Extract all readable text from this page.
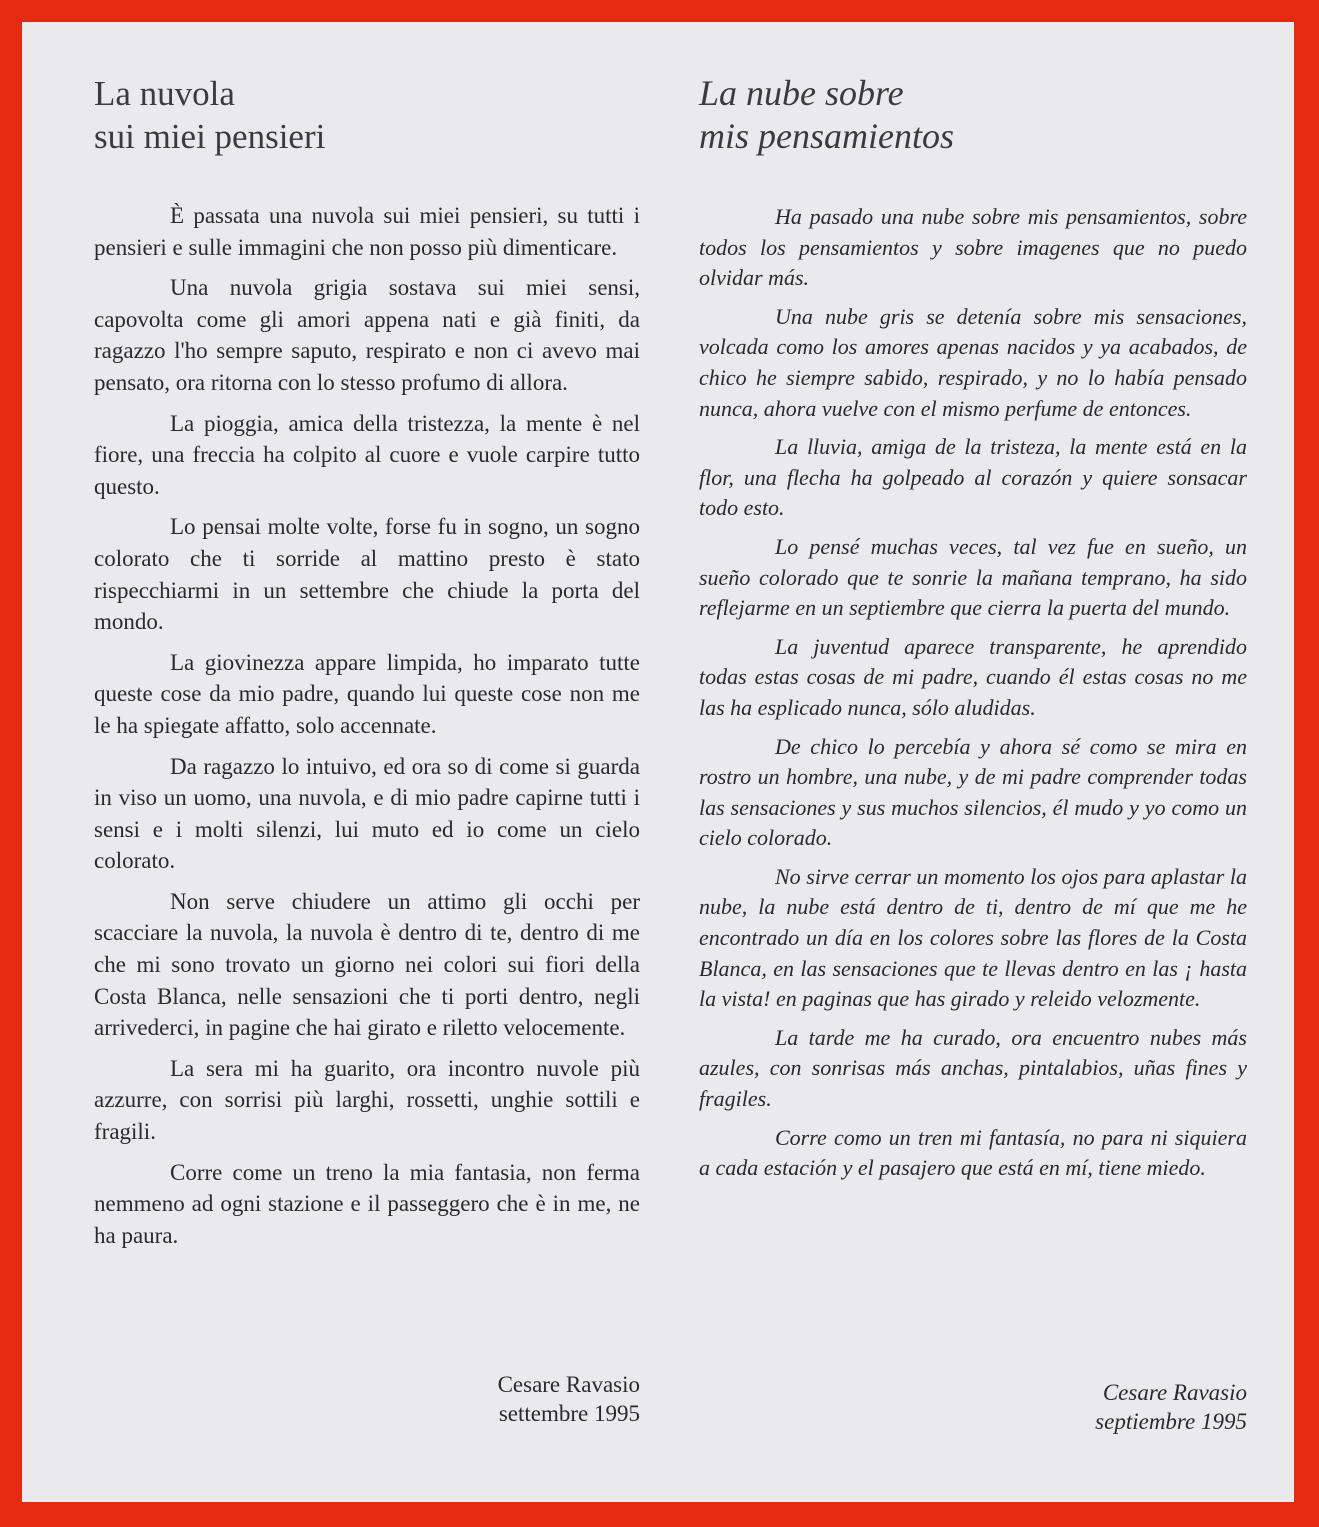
La nuvola
sui miei pensieri

È passata una nuvola sui miei pensieri, su tutti i pensieri e sulle immagini che non posso più dimenticare.

Una nuvola grigia sostava sui miei sensi, capovolta come gli amori appena nati e già finiti, da ragazzo l'ho sempre saputo, respirato e non ci avevo mai pensato, ora ritorna con lo stesso profumo di allora.

La pioggia, amica della tristezza, la mente è nel fiore, una freccia ha colpito al cuore e vuole carpire tutto questo.

Lo pensai molte volte, forse fu in sogno, un sogno colorato che ti sorride al mattino presto è stato rispecchiarmi in un settembre che chiude la porta del mondo.

La giovinezza appare limpida, ho imparato tutte queste cose da mio padre, quando lui queste cose non me le ha spiegate affatto, solo accennate.

Da ragazzo lo intuivo, ed ora so di come si guarda in viso un uomo, una nuvola, e di mio padre capirne tutti i sensi e i molti silenzi, lui muto ed io come un cielo colorato.

Non serve chiudere un attimo gli occhi per scacciare la nuvola, la nuvola è dentro di te, dentro di me che mi sono trovato un giorno nei colori sui fiori della Costa Blanca, nelle sensazioni che ti porti dentro, negli arrivederci, in pagine che hai girato e riletto velocemente.

La sera mi ha guarito, ora incontro nuvole più azzurre, con sorrisi più larghi, rossetti, unghie sottili e fragili.

Corre come un treno la mia fantasia, non ferma nemmeno ad ogni stazione e il passeggero che è in me, ne ha paura.

Cesare Ravasio
settembre 1995
La nube sobre
mis pensamientos

Ha pasado una nube sobre mis pensamientos, sobre todos los pensamientos y sobre imagenes que no puedo olvidar más.

Una nube gris se detenía sobre mis sensaciones, volcada como los amores apenas nacidos y ya acabados, de chico he siempre sabido, respirado, y no lo había pensado nunca, ahora vuelve con el mismo perfume de entonces.

La lluvia, amiga de la tristeza, la mente está en la flor, una flecha ha golpeado al corazón y quiere sonsacar todo esto.

Lo pensé muchas veces, tal vez fue en sueño, un sueño colorado que te sonrie la mañana temprano, ha sido reflejarme en un septiembre que cierra la puerta del mundo.

La juventud aparece transparente, he aprendido todas estas cosas de mi padre, cuando él estas cosas no me las ha esplicado nunca, sólo aludidas.

De chico lo percebía y ahora sé como se mira en rostro un hombre, una nube, y de mi padre comprender todas las sensaciones y sus muchos silencios, él mudo y yo como un cielo colorado.

No sirve cerrar un momento los ojos para aplastar la nube, la nube está dentro de ti, dentro de mí que me he encontrado un día en los colores sobre las flores de la Costa Blanca, en las sensaciones que te llevas dentro en las ¡ hasta la vista! en paginas que has girado y releido velozmente.

La tarde me ha curado, ora encuentro nubes más azules, con sonrisas más anchas, pintalabios, uñas fines y fragiles.

Corre como un tren mi fantasía, no para ni siquiera a cada estación y el pasajero que está en mí, tiene miedo.

Cesare Ravasio
septiembre 1995
